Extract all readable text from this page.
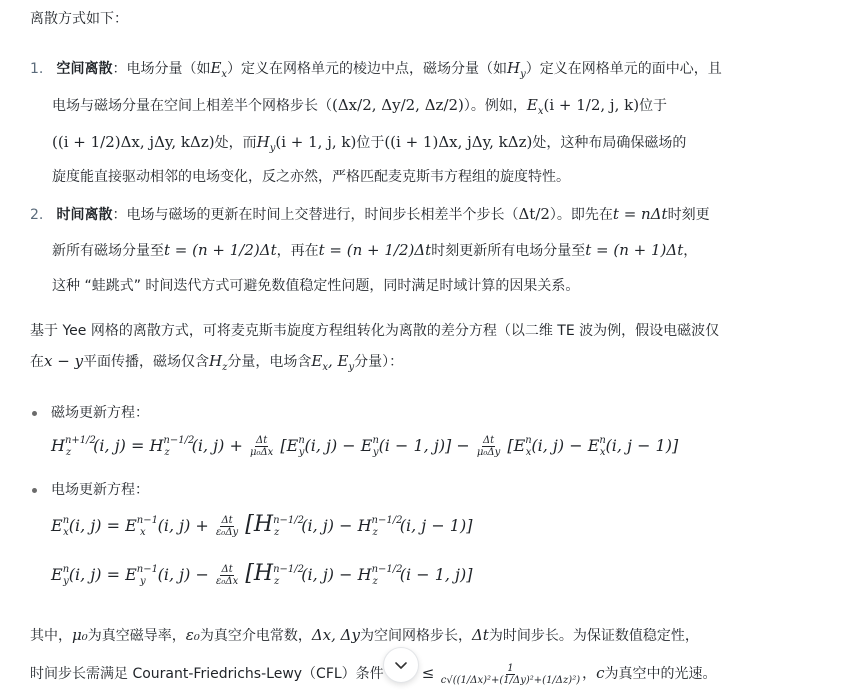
离散方式如下：
1. 空间离散：电场分量（如$E_x$）定义在网格单元的棱边中点，磁场分量（如$H_y$）定义在网格单元的面中心，且
电场与磁场分量在空间上相差半个网格步长（(Δx/2, Δy/2, Δz/2)）。例如，$E_x(i + 1/2$, j, k)位于
((i + 1/2)Δx, jΔy, kΔz)处，而$H_y(i + 1$, j, k)位于((i + 1)Δx, jΔy, kΔz)处，这种布局确保磁场的
旋度能直接驱动相邻的电场变化，反之亦然，严格匹配麦克斯韦方程组的旋度特性。
2. 时间离散：电场与磁场的更新在时间上交替进行，时间步长相差半个步长（Δt/2）。即先在t = nΔt时刻更
新所有磁场分量至t = (n + 1/2)Δt，再在t = (n + 1/2)Δt时刻更新所有电场分量至t = (n + 1)Δt，
这种 “蛙跳式” 时间迭代方式可避免数值稳定性问题，同时满足时域计算的因果关系。
基于 Yee 网格的离散方式，可将麦克斯韦旋度方程组转化为离散的差分方程（以二维 TE 波为例，假设电磁波仅
在x − y平面传播，磁场仅含$H_z$分量，电场含$E_x$, $E_y$分量）：
磁场更新方程：
$H^{n+1/2}_z$ (i, $j) = H^{n-1/2}_z$ (i, $j) + \frac{\Delta t}{\text{μ₀Δx}} [E^n_y(i$, $j) - E^n_y(i - 1$, $j)] - \frac{\Delta t}{\text{μ₀Δy}} [E^n_x(i$, $j) - E^n_x(i$, j − 1)]
电场更新方程：
$E^n_x(i$, $j) = E^{n-1}_x$ (i, $j) + \frac{\Delta t}{\text{ε₀Δy}} [H^{n-1/2}_z$ (i, $j) - H^{n-1/2}_z$ (i, j − 1)]
$E^n_y(i$, $j) = E^{n-1}_y$ (i, $j) - \frac{\Delta t}{\text{ε₀Δx}} [H^{n-1/2}_z$ (i, $j) - H^{n-1/2}_z$ (i − 1, j)]
其中，μ₀为真空磁导率，ε₀为真空介电常数，Δx, Δy为空间网格步长，Δt为时间步长。为保证数值稳定性，
时间步长需满足 Courant-Friedrichs-Lewy（CFL）条件	≤ $\frac{1}{\text{c√((1/Δx)²+(1/Δy)²+(1/Δz)²)}}$ ，c为真空中的光速。
